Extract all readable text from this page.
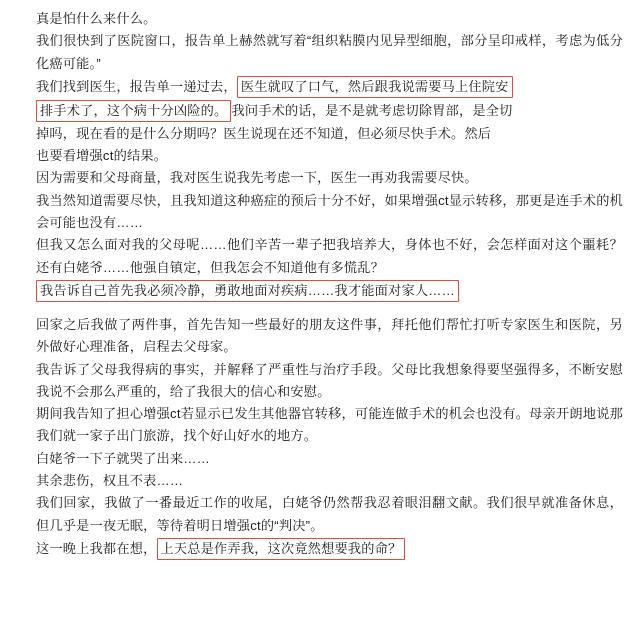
真是怕什么来什么。

我们很快到了医院窗口，报告单上赫然就写着“组织粘膜内见异型细胞，部分呈印戒样，考虑为低分化癌可能。”

我们找到医生，报告单一递过去， 医生就叹了口气，然后跟我说需要马上住院安

排手术了，这个病十分凶险的。 我问手术的话，是不是就考虑切除胃部，是全切

掉吗，现在看的是什么分期吗？医生说现在还不知道，但必须尽快手术。然后

也要看增强ct的结果。

因为需要和父母商量，我对医生说我先考虑一下，医生一再劝我需要尽快。

我当然知道需要尽快，且我知道这种癌症的预后十分不好，如果增强ct显示转移，那更是连手术的机会可能也没有……

但我又怎么面对我的父母呢……他们辛苦一辈子把我培养大，身体也不好，会怎样面对这个噩耗？还有白姥爷……他强自镇定，但我怎会不知道他有多慌乱？

我告诉自己首先我必须冷静，勇敢地面对疾病……我才能面对家人……

回家之后我做了两件事，首先告知一些最好的朋友这件事，拜托他们帮忙打听专家医生和医院，另外做好心理准备，启程去父母家。

我告诉了父母我得病的事实，并解释了严重性与治疗手段。父母比我想象得要坚强得多，不断安慰我说不会那么严重的，给了我很大的信心和安慰。

期间我告知了担心增强ct若显示已发生其他器官转移，可能连做手术的机会也没有。母亲开朗地说那我们就一家子出门旅游，找个好山好水的地方。

白姥爷一下子就哭了出来……

其余悲伤，权且不表……

我们回家，我做了一番最近工作的收尾，白姥爷仍然帮我忍着眼泪翻文献。我们很早就准备休息，但几乎是一夜无眠，等待着明日增强ct的“判决”。

这一晚上我都在想， 上天总是作弄我，这次竟然想要我的命？
